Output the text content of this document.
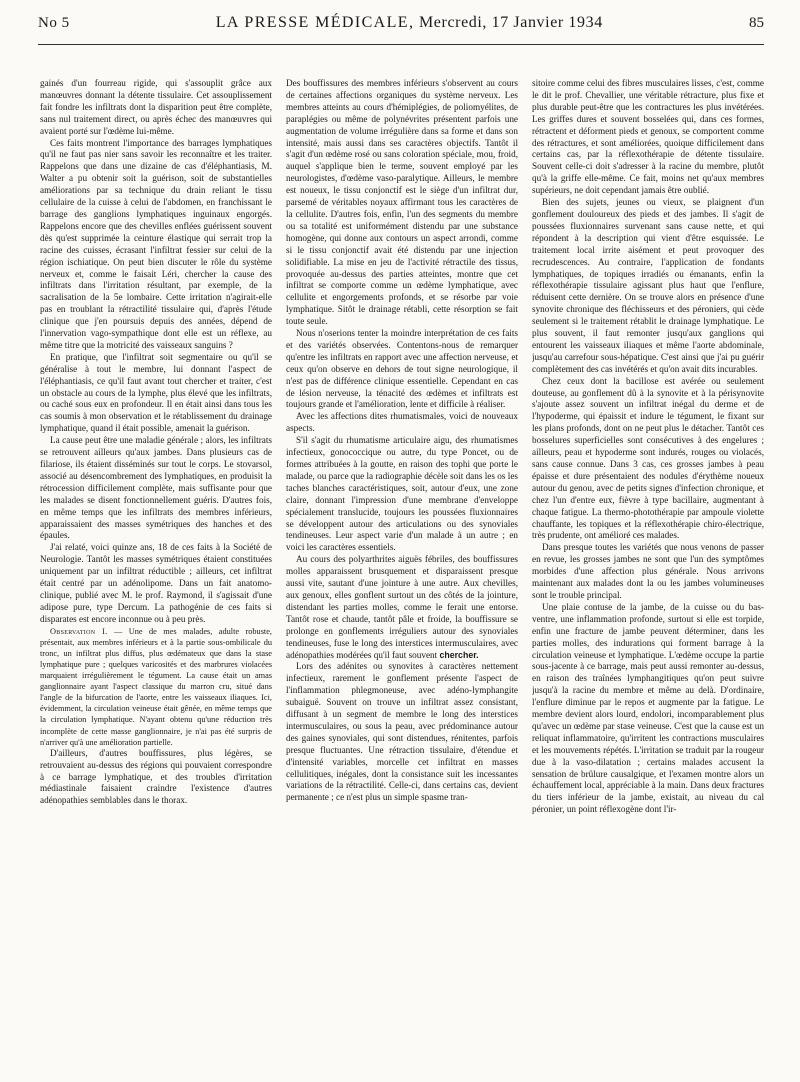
No 5	LA PRESSE MÉDICALE, Mercredi, 17 Janvier 1934	85

gainés d'un fourreau rigide, qui s'assouplit grâce aux manœuvres donnant la détente tissulaire. Cet assouplissement fait fondre les infiltrats dont la disparition peut être complète, sans nul traitement direct, ou après échec des manœuvres qui avaient porté sur l'œdème lui-même.

Ces faits montrent l'importance des barrages lymphatiques qu'il ne faut pas nier sans savoir les reconnaître et les traiter. Rappelons que dans une dizaine de cas d'éléphantiasis, M. Walter a pu obtenir soit la guérison, soit de substantielles améliorations par sa technique du drain reliant le tissu cellulaire de la cuisse à celui de l'abdomen, en franchissant le barrage des ganglions lymphatiques inguinaux engorgés. Rappelons encore que des chevilles enflées guérissent souvent dès qu'est supprimée la ceinture élastique qui serrait trop la racine des cuisses, écrasant l'infiltrat fessier sur celui de la région ischiatique. On peut bien discuter le rôle du système nerveux et, comme le faisait Léri, chercher la cause des infiltrats dans l'irritation résultant, par exemple, de la sacralisation de la 5e lombaire. Cette irritation n'agirait-elle pas en troublant la rétractilité tissulaire qui, d'après l'étude clinique que j'en poursuis depuis des années, dépend de l'innervation vago-sympathique dont elle est un réflexe, au même titre que la motricité des vaisseaux sanguins ?

En pratique, que l'infiltrat soit segmentaire ou qu'il se généralise à tout le membre, lui donnant l'aspect de l'éléphantiasis, ce qu'il faut avant tout chercher et traiter, c'est un obstacle au cours de la lymphe, plus élevé que les infiltrats, ou caché sous eux en profondeur. Il en était ainsi dans tous les cas soumis à mon observation et le rétablissement du drainage lymphatique, quand il était possible, amenait la guérison.

La cause peut être une maladie générale ; alors, les infiltrats se retrouvent ailleurs qu'aux jambes. Dans plusieurs cas de filariose, ils étaient disséminés sur tout le corps. Le stovarsol, associé au désencombrement des lymphatiques, en produisit la rétrocession difficilement complète, mais suffisante pour que les malades se disent fonctionnellement guéris. D'autres fois, en même temps que les infiltrats des membres inférieurs, apparaissaient des masses symétriques des hanches et des épaules.

J'ai relaté, voici quinze ans, 18 de ces faits à la Société de Neurologie. Tantôt les masses symétriques étaient constituées uniquement par un infiltrat réductible ; ailleurs, cet infiltrat était centré par un adénolipome. Dans un fait anatomo-clinique, publié avec M. le prof. Raymond, il s'agissait d'une adipose pure, type Dercum. La pathogénie de ces faits si disparates est encore inconnue ou à peu près.

Observation I. — Une de mes malades, adulte robuste, présentait, aux membres inférieurs et à la partie sous-ombilicale du tronc, un infiltrat plus diffus, plus œdémateux que dans la stase lymphatique pure ; quelques varicosités et des marbrures violacées marquaient irrégulièrement le tégument. La cause était un amas ganglionnaire ayant l'aspect classique du marron cru, situé dans l'angle de la bifurcation de l'aorte, entre les vaisseaux iliaques. Ici, évidemment, la circulation veineuse était gênée, en même temps que la circulation lymphatique. N'ayant obtenu qu'une réduction très incomplète de cette masse ganglionnaire, je n'ai pas été surpris de n'arriver qu'à une amélioration partielle.

D'ailleurs, d'autres bouffissures, plus légères, se retrouvaient au-dessus des régions qui pouvaient correspondre à ce barrage lymphatique, et des troubles d'irritation médiastinale faisaient craindre l'existence d'autres adénopathies semblables dans le thorax.

Des bouffissures des membres inférieurs s'observent au cours de certaines affections organiques du système nerveux. Les membres atteints au cours d'hémiplégies, de poliomyélites, de paraplégies ou même de polynévrites présentent parfois une augmentation de volume irrégulière dans sa forme et dans son intensité, mais aussi dans ses caractères objectifs. Tantôt il s'agit d'un œdème rosé ou sans coloration spéciale, mou, froid, auquel s'applique bien le terme, souvent employé par les neurologistes, d'œdème vaso-paralytique. Ailleurs, le membre est noueux, le tissu conjonctif est le siège d'un infiltrat dur, parsemé de véritables noyaux affirmant tous les caractères de la cellulite. D'autres fois, enfin, l'un des segments du membre ou sa totalité est uniformément distendu par une substance homogène, qui donne aux contours un aspect arrondi, comme si le tissu conjonctif avait été distendu par une injection solidifiable. La mise en jeu de l'activité rétractile des tissus, provoquée au-dessus des parties atteintes, montre que cet infiltrat se comporte comme un œdème lymphatique, avec cellulite et engorgements profonds, et se résorbe par voie lymphatique. Sitôt le drainage rétabli, cette résorption se fait toute seule.

Nous n'oserions tenter la moindre interprétation de ces faits et des variétés observées. Contentons-nous de remarquer qu'entre les infiltrats en rapport avec une affection nerveuse, et ceux qu'on observe en dehors de tout signe neurologique, il n'est pas de différence clinique essentielle. Cependant en cas de lésion nerveuse, la ténacité des œdèmes et infiltrats est toujours grande et l'amélioration, lente et difficile à réaliser.

Avec les affections dites rhumatismales, voici de nouveaux aspects.

S'il s'agit du rhumatisme articulaire aigu, des rhumatismes infectieux, gonococcique ou autre, du type Poncet, ou de formes attribuées à la goutte, en raison des tophi que porte le malade, ou parce que la radiographie décèle soit dans les os les taches blanches caractéristiques, soit, autour d'eux, une zone claire, donnant l'impression d'une membrane d'enveloppe spécialement translucide, toujours les poussées fluxionnaires se développent autour des articulations ou des synoviales tendineuses. Leur aspect varie d'un malade à un autre ; en voici les caractères essentiels.

Au cours des polyarthrites aiguës fébriles, des bouffissures molles apparaissent brusquement et disparaissent presque aussi vite, sautant d'une jointure à une autre. Aux chevilles, aux genoux, elles gonflent surtout un des côtés de la jointure, distendant les parties molles, comme le ferait une entorse. Tantôt rose et chaude, tantôt pâle et froide, la bouffissure se prolonge en gonflements irréguliers autour des synoviales tendineuses, fuse le long des interstices intermusculaires, avec adénopathies modérées qu'il faut souvent chercher.

Lors des adénites ou synovites à caractères nettement infectieux, rarement le gonflement présente l'aspect de l'inflammation phlegmoneuse, avec adéno-lymphangite subaiguë. Souvent on trouve un infiltrat assez consistant, diffusant à un segment de membre le long des interstices intermusculaires, ou sous la peau, avec prédominance autour des gaines synoviales, qui sont distendues, rénitentes, parfois presque fluctuantes. Une rétraction tissulaire, d'étendue et d'intensité variables, morcelle cet infiltrat en masses cellulitiques, inégales, dont la consistance suit les incessantes variations de la rétractilité. Celle-ci, dans certains cas, devient permanente ; ce n'est plus un simple spasme tran-

sitoire comme celui des fibres musculaires lisses, c'est, comme le dit le prof. Chevallier, une véritable rétracture, plus fixe et plus durable peut-être que les contractures les plus invétérées. Les griffes dures et souvent bosselées qui, dans ces formes, rétractent et déforment pieds et genoux, se comportent comme des rétractures, et sont améliorées, quoique difficilement dans certains cas, par la réflexothérapie de détente tissulaire. Souvent celle-ci doit s'adresser à la racine du membre, plutôt qu'à la griffe elle-même. Ce fait, moins net qu'aux membres supérieurs, ne doit cependant jamais être oublié.

Bien des sujets, jeunes ou vieux, se plaignent d'un gonflement douloureux des pieds et des jambes. Il s'agit de poussées fluxionnaires survenant sans cause nette, et qui répondent à la description qui vient d'être esquissée. Le traitement local irrite aisément et peut provoquer des recrudescences. Au contraire, l'application de fondants lymphatiques, de topiques irradiés ou émanants, enfin la réflexothérapie tissulaire agissant plus haut que l'enflure, réduisent cette dernière. On se trouve alors en présence d'une synovite chronique des fléchisseurs et des péroniers, qui cède seulement si le traitement rétablit le drainage lymphatique. Le plus souvent, il faut remonter jusqu'aux ganglions qui entourent les vaisseaux iliaques et même l'aorte abdominale, jusqu'au carrefour sous-hépatique. C'est ainsi que j'ai pu guérir complètement des cas invétérés et qu'on avait dits incurables.

Chez ceux dont la bacillose est avérée ou seulement douteuse, au gonflement dû à la synovite et à la périsynovite s'ajoute assez souvent un infiltrat inégal du derme et de l'hypoderme, qui épaissit et indure le tégument, le fixant sur les plans profonds, dont on ne peut plus le détacher. Tantôt ces bosselures superficielles sont consécutives à des engelures ; ailleurs, peau et hypoderme sont indurés, rouges ou violacés, sans cause connue. Dans 3 cas, ces grosses jambes à peau épaisse et dure présentaient des nodules d'érythème noueux autour du genou, avec de petits signes d'infection chronique, et chez l'un d'entre eux, fièvre à type bacillaire, augmentant à chaque fatigue. La thermo-photothérapie par ampoule violette chauffante, les topiques et la réflexothérapie chiro-électrique, très prudente, ont amélioré ces malades.

Dans presque toutes les variétés que nous venons de passer en revue, les grosses jambes ne sont que l'un des symptômes morbides d'une affection plus générale. Nous arrivons maintenant aux malades dont la ou les jambes volumineuses sont le trouble principal.

Une plaie contuse de la jambe, de la cuisse ou du bas-ventre, une inflammation profonde, surtout si elle est torpide, enfin une fracture de jambe peuvent déterminer, dans les parties molles, des indurations qui forment barrage à la circulation veineuse et lymphatique. L'œdème occupe la partie sous-jacente à ce barrage, mais peut aussi remonter au-dessus, en raison des traînées lymphangitiques qu'on peut suivre jusqu'à la racine du membre et même au delà. D'ordinaire, l'enflure diminue par le repos et augmente par la fatigue. Le membre devient alors lourd, endolori, incomparablement plus qu'avec un œdème par stase veineuse. C'est que la cause est un reliquat inflammatoire, qu'irritent les contractions musculaires et les mouvements répétés. L'irritation se traduit par la rougeur due à la vaso-dilatation ; certains malades accusent la sensation de brûlure causalgique, et l'examen montre alors un échauffement local, appréciable à la main. Dans deux fractures du tiers inférieur de la jambe, existait, au niveau du cal péronier, un point réflexogène dont l'ir-
